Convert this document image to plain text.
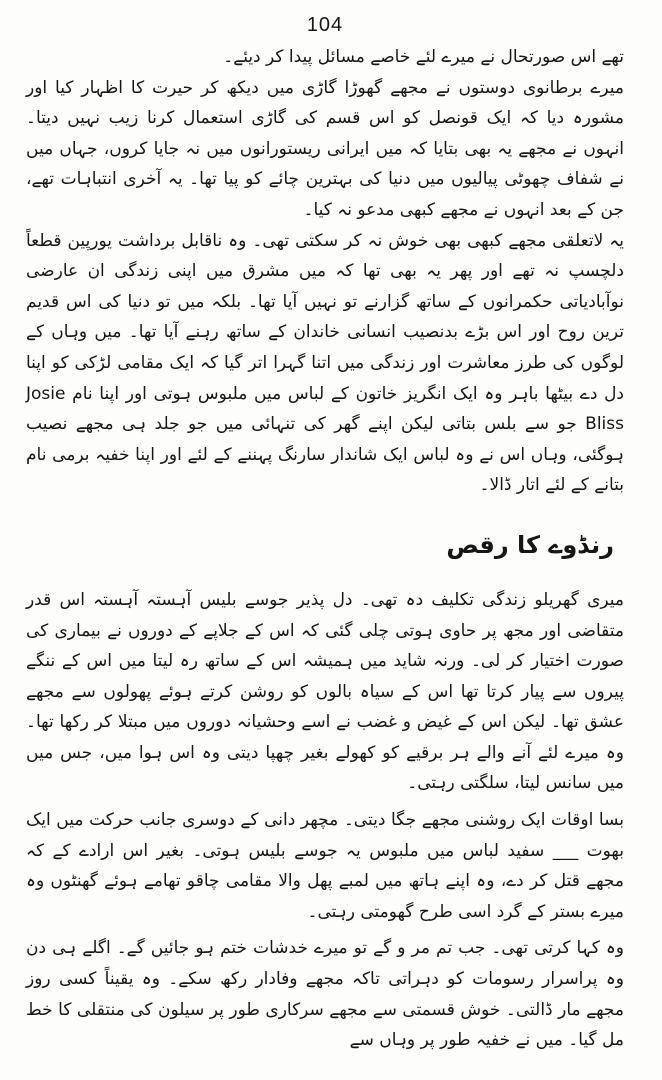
104

تھے اس صورتحال نے میرے لئے خاصے مسائل پیدا کر دیئے۔

میرے برطانوی دوستوں نے مجھے گھوڑا گاڑی میں دیکھ کر حیرت کا اظہار کیا اور مشورہ دیا کہ ایک قونصل کو اس قسم کی گاڑی استعمال کرنا زیب نہیں دیتا۔ انہوں نے مجھے یہ بھی بتایا کہ میں ایرانی ریستورانوں میں نہ جایا کروں، جہاں میں نے شفاف چھوٹی پیالیوں میں دنیا کی بہترین چائے کو پیا تھا۔ یہ آخری انتباہات تھے، جن کے بعد انہوں نے مجھے کبھی مدعو نہ کیا۔

یہ لاتعلقی مجھے کبھی بھی خوش نہ کر سکتی تھی۔ وہ ناقابل برداشت یورپین قطعاً دلچسپ نہ تھے اور پھر یہ بھی تھا کہ میں مشرق میں اپنی زندگی ان عارضی نوآبادیاتی حکمرانوں کے ساتھ گزارنے تو نہیں آیا تھا۔ بلکہ میں تو دنیا کی اس قدیم ترین روح اور اس بڑے بدنصیب انسانی خاندان کے ساتھ رہنے آیا تھا۔ میں وہاں کے لوگوں کی طرز معاشرت اور زندگی میں اتنا گہرا اتر گیا کہ ایک مقامی لڑکی کو اپنا دل دے بیٹھا باہر وہ ایک انگریز خاتون کے لباس میں ملبوس ہوتی اور اپنا نام Josie Bliss جو سے بلس بتاتی لیکن اپنے گھر کی تنہائی میں جو جلد ہی مجھے نصیب ہوگئی، وہاں اس نے وہ لباس ایک شاندار سارنگ پہننے کے لئے اور اپنا خفیہ برمی نام بتانے کے لئے اتار ڈالا۔

رنڈوے کا رقص

میری گھریلو زندگی تکلیف دہ تھی۔ دل پذیر جوسے بلیس آہستہ آہستہ اس قدر متقاضی اور مجھ پر حاوی ہوتی چلی گئی کہ اس کے جلاپے کے دوروں نے بیماری کی صورت اختیار کر لی۔ ورنہ شاید میں ہمیشہ اس کے ساتھ رہ لیتا میں اس کے ننگے پیروں سے پیار کرتا تھا اس کے سیاہ بالوں کو روشن کرتے ہوئے پھولوں سے مجھے عشق تھا۔ لیکن اس کے غیض و غضب نے اسے وحشیانہ دوروں میں مبتلا کر رکھا تھا۔ وہ میرے لئے آنے والے ہر برقیے کو کھولے بغیر چھپا دیتی وہ اس ہوا میں، جس میں میں سانس لیتا، سلگتی رہتی۔

بسا اوقات ایک روشنی مجھے جگا دیتی۔ مچھر دانی کے دوسری جانب حرکت میں ایک بھوت ___ سفید لباس میں ملبوس یہ جوسے بلیس ہوتی۔ بغیر اس ارادے کے کہ مجھے قتل کر دے، وہ اپنے ہاتھ میں لمبے پھل والا مقامی چاقو تھامے ہوئے گھنٹوں وہ میرے بستر کے گرد اسی طرح گھومتی رہتی۔

وہ کہا کرتی تھی۔ جب تم مر و گے تو میرے خدشات ختم ہو جائیں گے۔ اگلے ہی دن وہ پراسرار رسومات کو دہراتی تاکہ مجھے وفادار رکھ سکے۔ وہ یقیناً کسی روز مجھے مار ڈالتی۔ خوش قسمتی سے مجھے سرکاری طور پر سیلون کی منتقلی کا خط مل گیا۔ میں نے خفیہ طور پر وہاں سے
